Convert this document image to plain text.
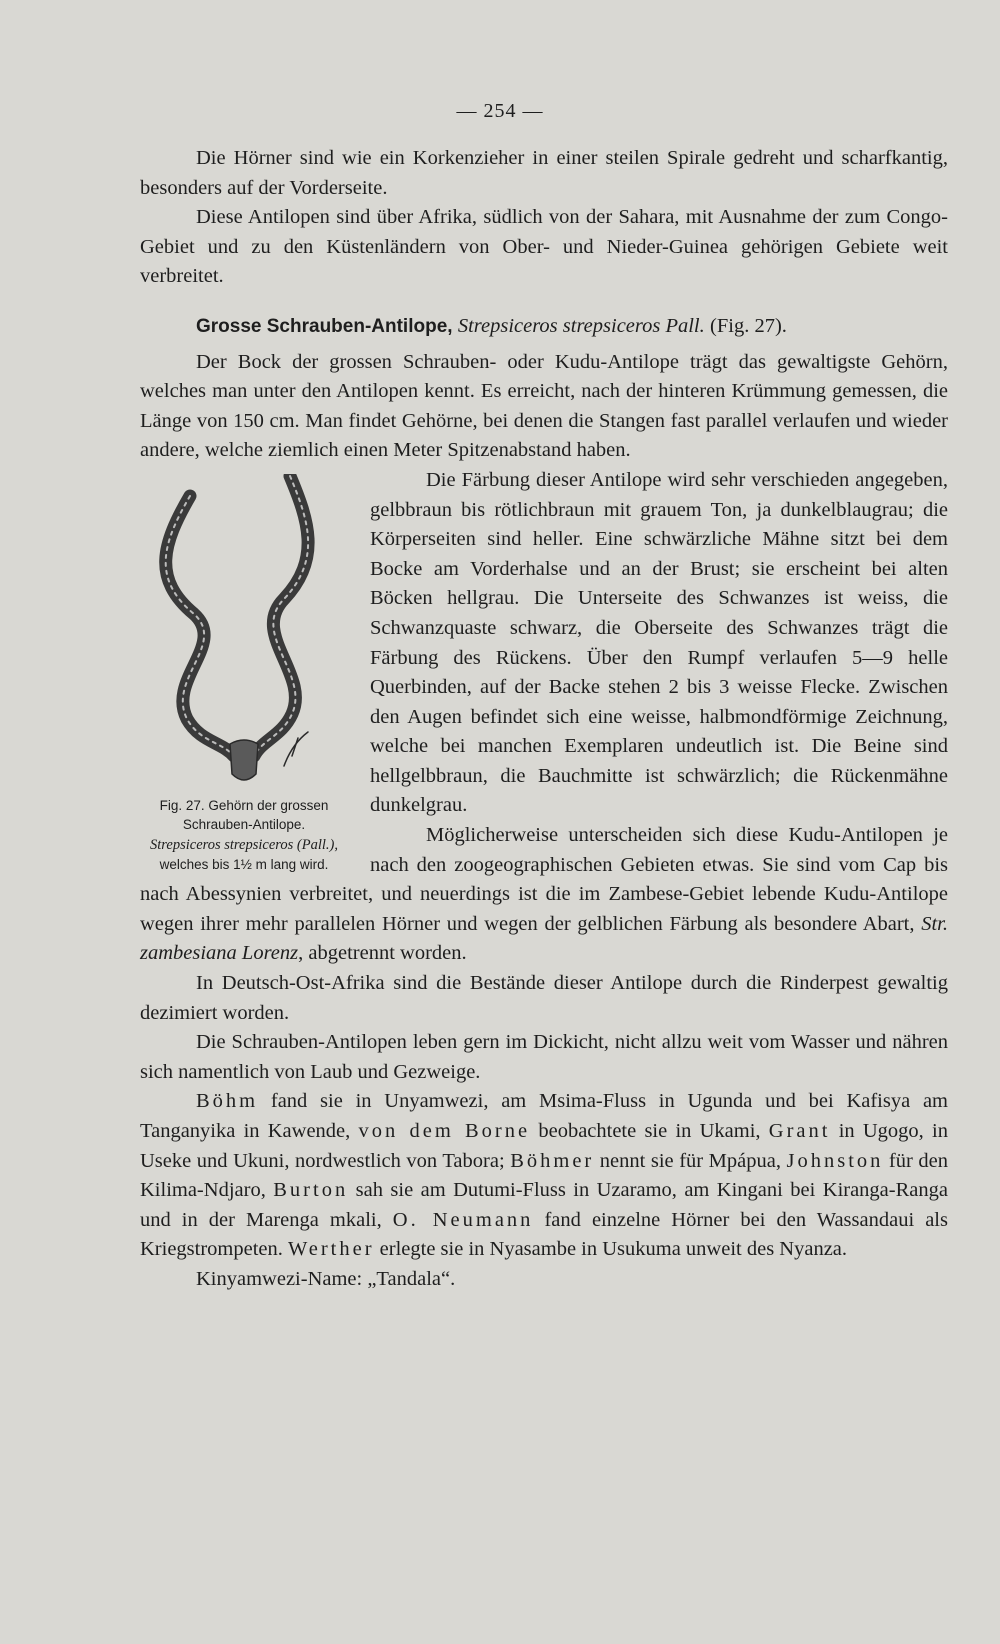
— 254 —

Die Hörner sind wie ein Korkenzieher in einer steilen Spirale gedreht und scharfkantig, besonders auf der Vorderseite.

Diese Antilopen sind über Afrika, südlich von der Sahara, mit Ausnahme der zum Congo-Gebiet und zu den Küstenländern von Ober- und Nieder-Guinea gehörigen Gebiete weit verbreitet.

Grosse Schrauben-Antilope, Strepsiceros strepsiceros Pall. (Fig. 27).

Der Bock der grossen Schrauben- oder Kudu-Antilope trägt das gewaltigste Gehörn, welches man unter den Antilopen kennt. Es erreicht, nach der hinteren Krümmung gemessen, die Länge von 150 cm. Man findet Gehörne, bei denen die Stangen fast parallel verlaufen und wieder andere, welche ziemlich einen Meter Spitzenabstand haben.

Fig. 27. Gehörn der grossen Schrauben-Antilope.
Strepsiceros strepsiceros (Pall.), welches bis 1½ m lang wird.

Die Färbung dieser Antilope wird sehr verschieden angegeben, gelbbraun bis rötlichbraun mit grauem Ton, ja dunkelblaugrau; die Körperseiten sind heller. Eine schwärzliche Mähne sitzt bei dem Bocke am Vorderhalse und an der Brust; sie erscheint bei alten Böcken hellgrau. Die Unterseite des Schwanzes ist weiss, die Schwanzquaste schwarz, die Oberseite des Schwanzes trägt die Färbung des Rückens. Über den Rumpf verlaufen 5—9 helle Querbinden, auf der Backe stehen 2 bis 3 weisse Flecke. Zwischen den Augen befindet sich eine weisse, halbmondförmige Zeichnung, welche bei manchen Exemplaren undeutlich ist. Die Beine sind hellgelbbraun, die Bauchmitte ist schwärzlich; die Rückenmähne dunkelgrau.

Möglicherweise unterscheiden sich diese Kudu-Antilopen je nach den zoogeographischen Gebieten etwas. Sie sind vom Cap bis nach Abessynien verbreitet, und neuerdings ist die im Zambese-Gebiet lebende Kudu-Antilope wegen ihrer mehr parallelen Hörner und wegen der gelblichen Färbung als besondere Abart, Str. zambesiana Lorenz, abgetrennt worden.

In Deutsch-Ost-Afrika sind die Bestände dieser Antilope durch die Rinderpest gewaltig dezimiert worden.

Die Schrauben-Antilopen leben gern im Dickicht, nicht allzu weit vom Wasser und nähren sich namentlich von Laub und Gezweige.

Böhm fand sie in Unyamwezi, am Msima-Fluss in Ugunda und bei Kafisya am Tanganyika in Kawende, von dem Borne beobachtete sie in Ukami, Grant in Ugogo, in Useke und Ukuni, nordwestlich von Tabora; Böhmer nennt sie für Mpápua, Johnston für den Kilima-Ndjaro, Burton sah sie am Dutumi-Fluss in Uzaramo, am Kingani bei Kiranga-Ranga und in der Marenga mkali, O. Neumann fand einzelne Hörner bei den Wassandaui als Kriegstrompeten. Werther erlegte sie in Nyasambe in Usukuma unweit des Nyanza.

Kinyamwezi-Name: „Tandala“.
